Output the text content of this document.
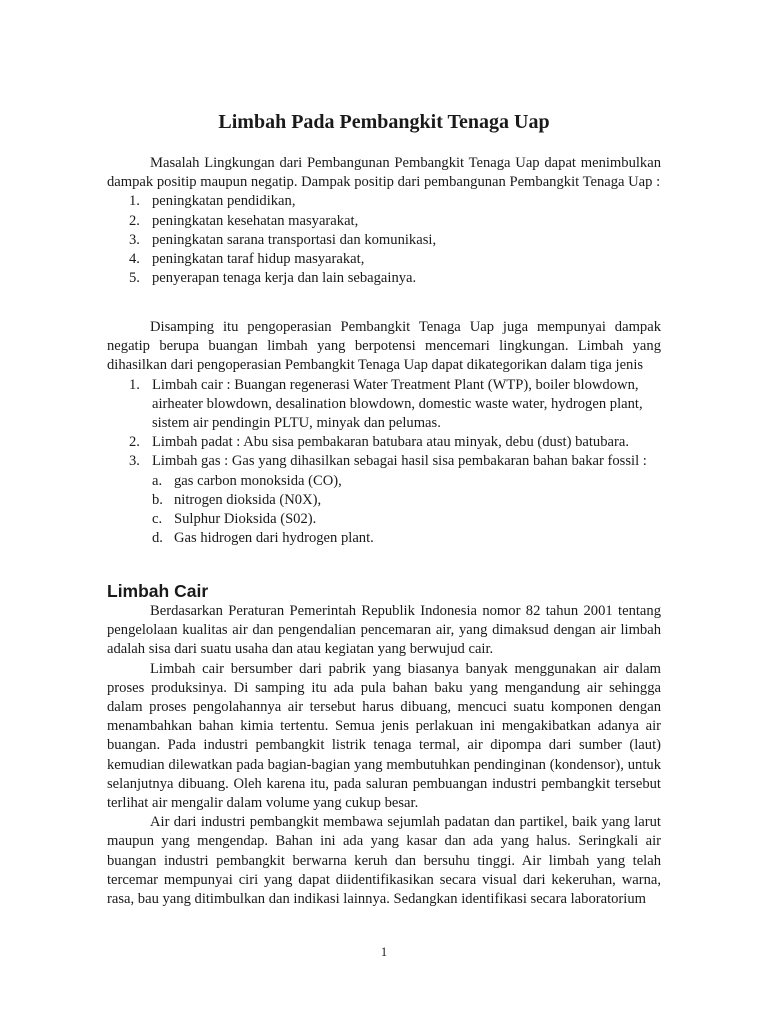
Limbah Pada Pembangkit Tenaga Uap

Masalah Lingkungan dari Pembangunan Pembangkit Tenaga Uap dapat menimbulkan dampak positip maupun negatip. Dampak positip dari pembangunan Pembangkit Tenaga Uap :

1. peningkatan pendidikan,
2. peningkatan kesehatan masyarakat,
3. peningkatan sarana transportasi dan komunikasi,
4. peningkatan taraf hidup masyarakat,
5. penyerapan tenaga kerja dan lain sebagainya.

Disamping itu pengoperasian Pembangkit Tenaga Uap juga mempunyai dampak negatip berupa buangan limbah yang berpotensi mencemari lingkungan. Limbah yang dihasilkan dari pengoperasian Pembangkit Tenaga Uap dapat dikategorikan dalam tiga jenis

1. Limbah cair : Buangan regenerasi Water Treatment Plant (WTP), boiler blowdown, airheater blowdown, desalination blowdown, domestic waste water, hydrogen plant, sistem air pendingin PLTU, minyak dan pelumas.
2. Limbah padat : Abu sisa pembakaran batubara atau minyak, debu (dust) batubara.
3. Limbah gas : Gas yang dihasilkan sebagai hasil sisa pembakaran bahan bakar fossil :
a. gas carbon monoksida (CO),
b. nitrogen dioksida (N0X),
c. Sulphur Dioksida (S02).
d. Gas hidrogen dari hydrogen plant.
Limbah Cair

Berdasarkan Peraturan Pemerintah Republik Indonesia nomor 82 tahun 2001 tentang pengelolaan kualitas air dan pengendalian pencemaran air, yang dimaksud dengan air limbah adalah sisa dari suatu usaha dan atau kegiatan yang berwujud cair.

Limbah cair bersumber dari pabrik yang biasanya banyak menggunakan air dalam proses produksinya. Di samping itu ada pula bahan baku yang mengandung air sehingga dalam proses pengolahannya air tersebut harus dibuang, mencuci suatu komponen dengan menambahkan bahan kimia tertentu. Semua jenis perlakuan ini mengakibatkan adanya air buangan. Pada industri pembangkit listrik tenaga termal, air dipompa dari sumber (laut) kemudian dilewatkan pada bagian-bagian yang membutuhkan pendinginan (kondensor), untuk selanjutnya dibuang. Oleh karena itu, pada saluran pembuangan industri pembangkit tersebut terlihat air mengalir dalam volume yang cukup besar.

Air dari industri pembangkit membawa sejumlah padatan dan partikel, baik yang larut maupun yang mengendap. Bahan ini ada yang kasar dan ada yang halus. Seringkali air buangan industri pembangkit berwarna keruh dan bersuhu tinggi. Air limbah yang telah tercemar mempunyai ciri yang dapat diidentifikasikan secara visual dari kekeruhan, warna, rasa, bau yang ditimbulkan dan indikasi lainnya. Sedangkan identifikasi secara laboratorium

1
